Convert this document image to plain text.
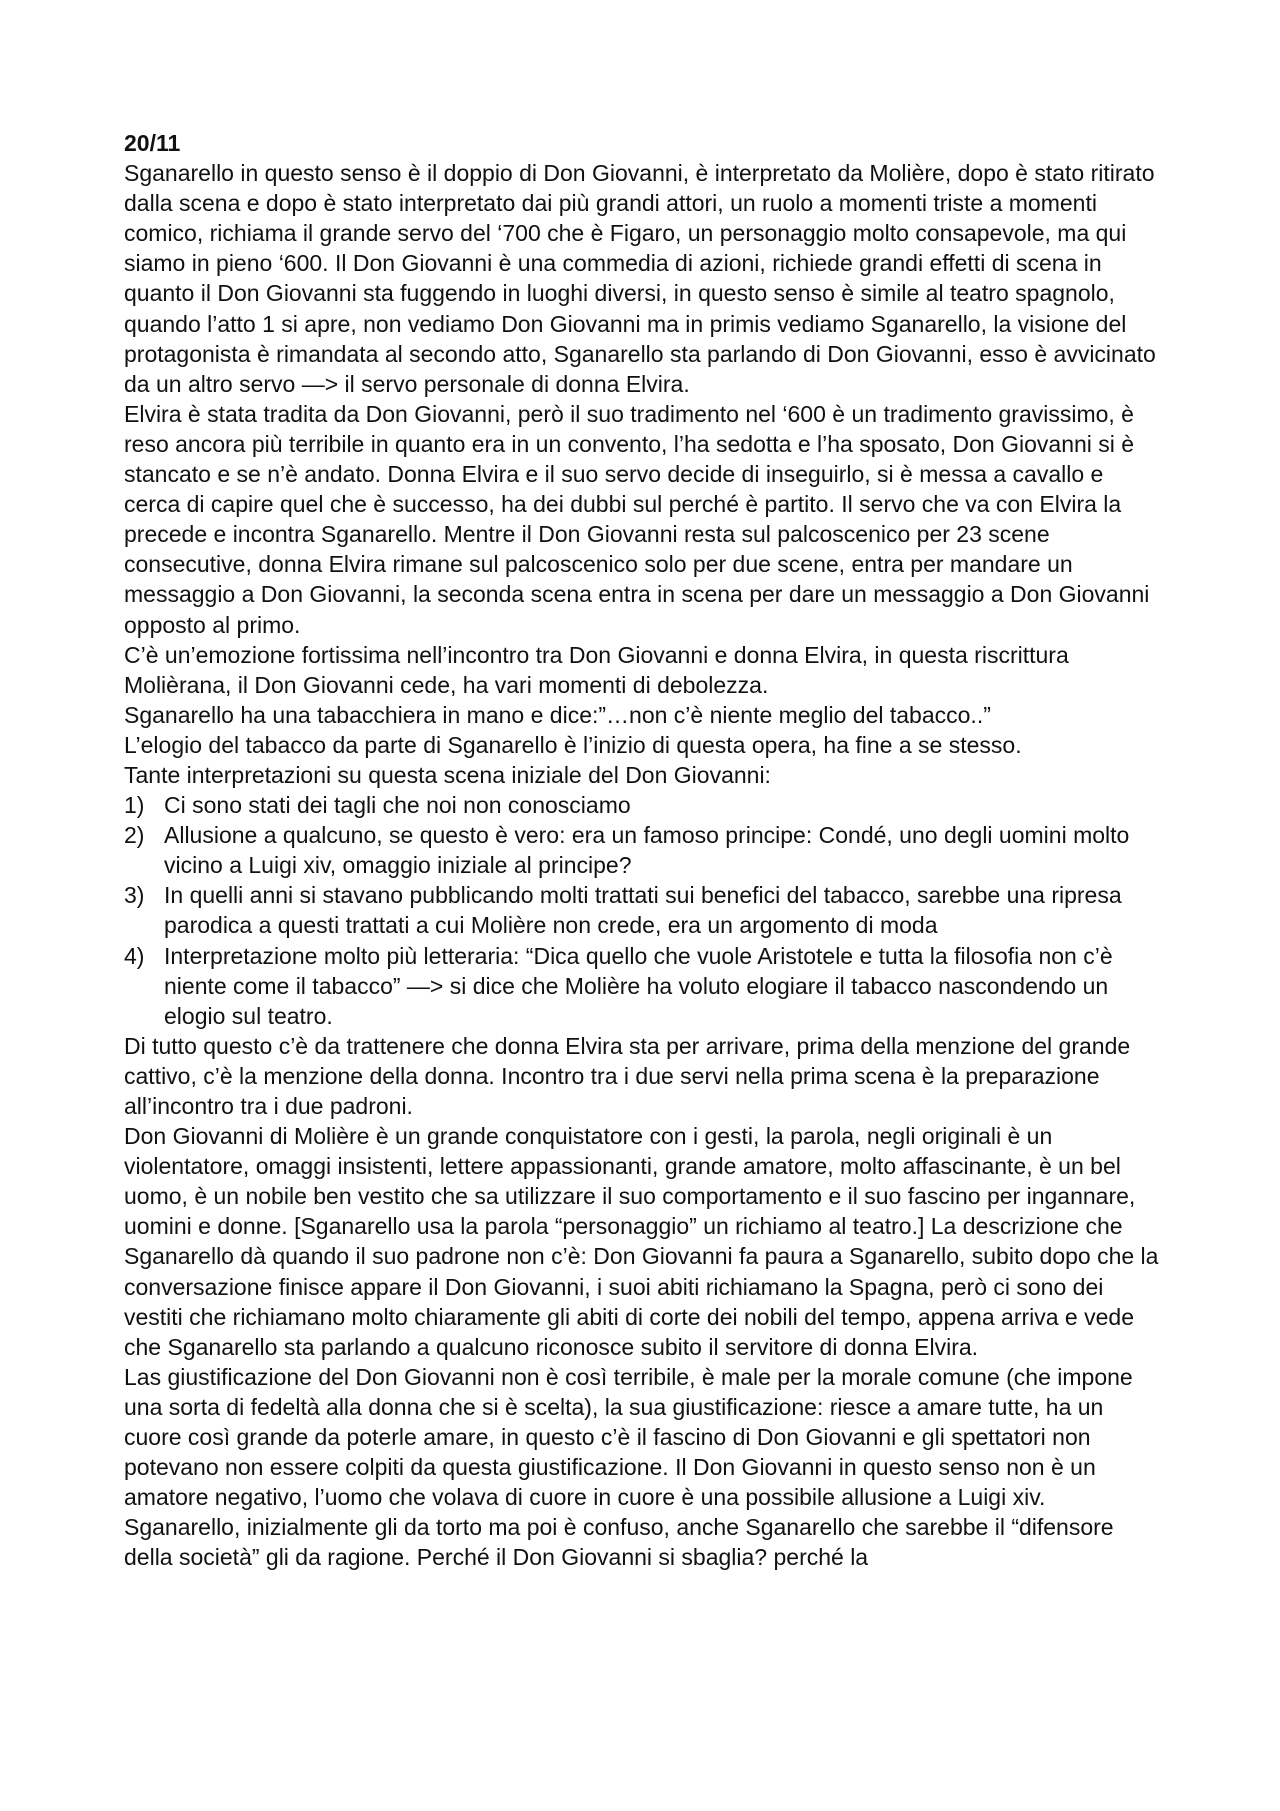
20/11

Sganarello in questo senso è il doppio di Don Giovanni, è interpretato da Molière, dopo è stato ritirato dalla scena e dopo è stato interpretato dai più grandi attori, un ruolo a momenti triste a momenti comico, richiama il grande servo del ‘700 che è Figaro, un personaggio molto consapevole, ma qui siamo in pieno ‘600. Il Don Giovanni è una commedia di azioni, richiede grandi effetti di scena in quanto il Don Giovanni sta fuggendo in luoghi diversi, in questo senso è simile al teatro spagnolo, quando l’atto 1 si apre, non vediamo Don Giovanni ma in primis vediamo Sganarello, la visione del protagonista è rimandata al secondo atto, Sganarello sta parlando di Don Giovanni, esso è avvicinato da un altro servo —> il servo personale di donna Elvira.

Elvira è stata tradita da Don Giovanni, però il suo tradimento nel ‘600 è un tradimento gravissimo, è reso ancora più terribile in quanto era in un convento, l’ha sedotta e l’ha sposato, Don Giovanni si è stancato e se n’è andato. Donna Elvira e il suo servo decide di inseguirlo, si è messa a cavallo e cerca di capire quel che è successo, ha dei dubbi sul perché è partito. Il servo che va con Elvira la precede e incontra Sganarello. Mentre il Don Giovanni resta sul palcoscenico per 23 scene consecutive, donna Elvira rimane sul palcoscenico solo per due scene, entra per mandare un messaggio a Don Giovanni, la seconda scena entra in scena per dare un messaggio a Don Giovanni opposto al primo.

C’è un’emozione fortissima nell’incontro tra Don Giovanni e donna Elvira, in questa riscrittura Molièrana, il Don Giovanni cede, ha vari momenti di debolezza.

Sganarello ha una tabacchiera in mano e dice:”…non c’è niente meglio del tabacco..”

L’elogio del tabacco da parte di Sganarello è l’inizio di questa opera, ha fine a se stesso.

Tante interpretazioni su questa scena iniziale del Don Giovanni:

1) Ci sono stati dei tagli che noi non conosciamo
2) Allusione a qualcuno, se questo è vero: era un famoso principe: Condé, uno degli uomini molto vicino a Luigi xiv, omaggio iniziale al principe?
3) In quelli anni si stavano pubblicando molti trattati sui benefici del tabacco, sarebbe una ripresa parodica a questi trattati a cui Molière non crede, era un argomento di moda
4) Interpretazione molto più letteraria: “Dica quello che vuole Aristotele e tutta la filosofia non c’è niente come il tabacco” —> si dice che Molière ha voluto elogiare il tabacco nascondendo un elogio sul teatro.

Di tutto questo c’è da trattenere che donna Elvira sta per arrivare, prima della menzione del grande cattivo, c’è la menzione della donna. Incontro tra i due servi nella prima scena è la preparazione all’incontro tra i due padroni.

Don Giovanni di Molière è un grande conquistatore con i gesti, la parola, negli originali è un violentatore, omaggi insistenti, lettere appassionanti, grande amatore, molto affascinante, è un bel uomo, è un nobile ben vestito che sa utilizzare il suo comportamento e il suo fascino per ingannare, uomini e donne. [Sganarello usa la parola “personaggio” un richiamo al teatro.] La descrizione che Sganarello dà quando il suo padrone non c’è: Don Giovanni fa paura a Sganarello, subito dopo che la conversazione finisce appare il Don Giovanni, i suoi abiti richiamano la Spagna, però ci sono dei vestiti che richiamano molto chiaramente gli abiti di corte dei nobili del tempo, appena arriva e vede che Sganarello sta parlando a qualcuno riconosce subito il servitore di donna Elvira.

Las giustificazione del Don Giovanni non è così terribile, è male per la morale comune (che impone una sorta di fedeltà alla donna che si è scelta), la sua giustificazione: riesce a amare tutte, ha un cuore così grande da poterle amare, in questo c’è il fascino di Don Giovanni e gli spettatori non potevano non essere colpiti da questa giustificazione. Il Don Giovanni in questo senso non è un amatore negativo, l’uomo che volava di cuore in cuore è una possibile allusione a Luigi xiv.

Sganarello, inizialmente gli da torto ma poi è confuso, anche Sganarello che sarebbe il “difensore della società” gli da ragione. Perché il Don Giovanni si sbaglia? perché la
